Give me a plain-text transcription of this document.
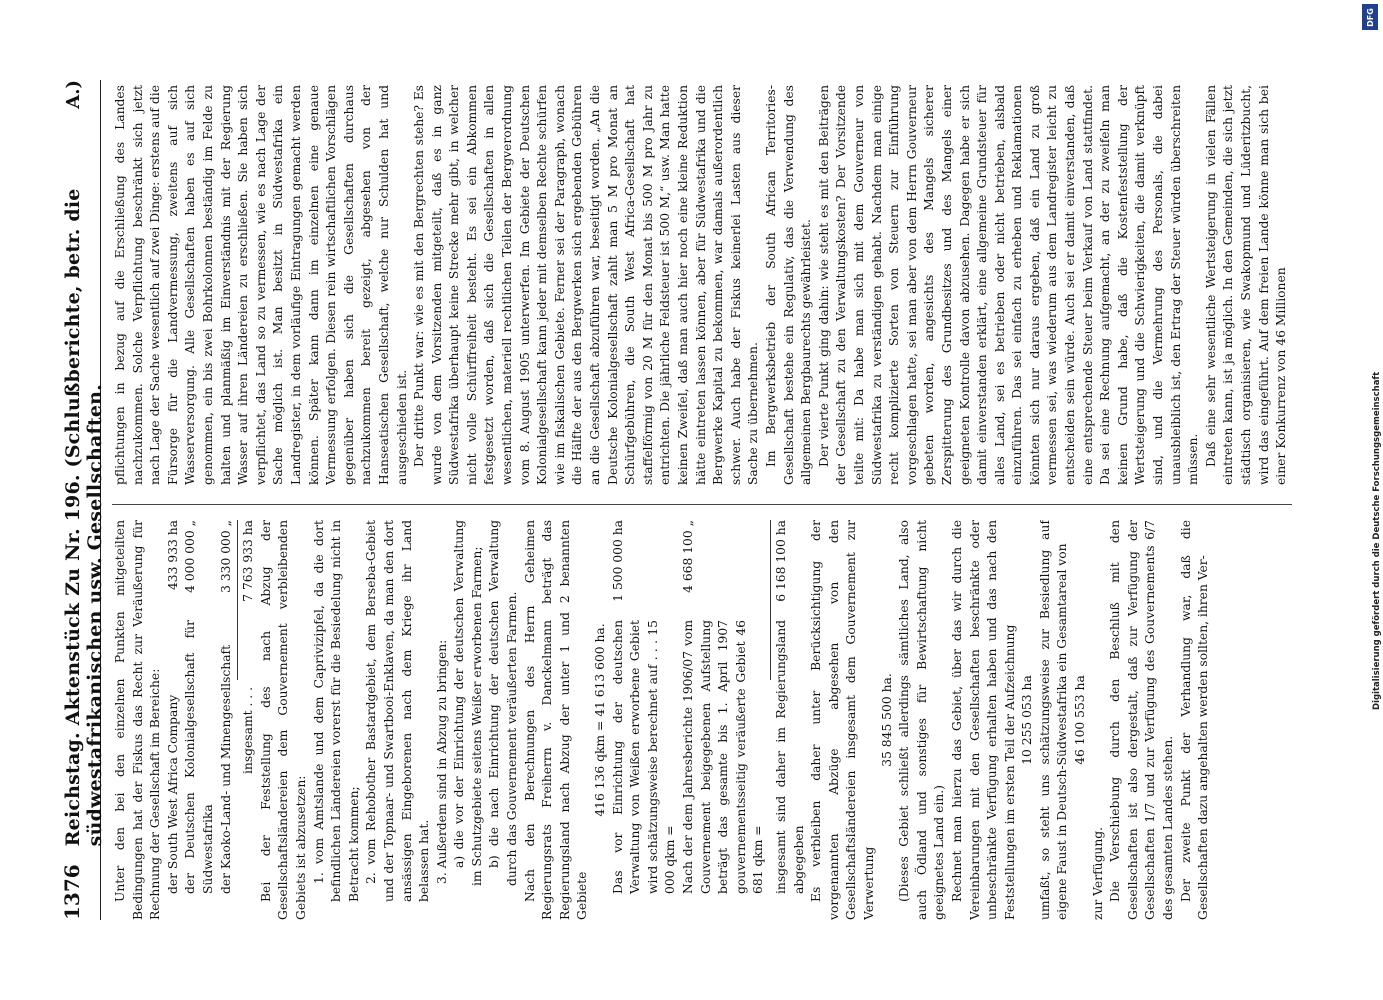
1376
Reichstag. Aktenstück Zu Nr. 196. (Schlußberichte, betr. die südwestafrikanischen usw. Gesellschaften.
A.)

Unter den bei den einzelnen Punkten mitgeteilten Bedingungen hat der Fiskus das Recht zur Veräußerung für Rechnung der Gesellschaft im Bereiche: der South West Africa Company
433 933 ha
der Deutschen Kolonialgesellschaft für Südwestafrika
4 000 000 „
der Kaoko-Land- und Minengesellschaft
3 330 000 „
insgesamt . . .
7 763 933 ha Bei der Feststellung des nach Abzug der Gesellschaftsländereien dem Gouvernement verbleibenden Gebiets ist abzusetzen: 1. vom Amtslande und dem Caprivizipfel, da die dort befindlichen Ländereien vorerst für die Besiedelung nicht in Betracht kommen; 2. vom Rehobother Bastardgebiet, dem Berseba-Gebiet und der Topnaar- und Swartbooi-Enklaven, da man den dort ansässigen Eingeborenen nach dem Kriege ihr Land belassen hat. 3. Außerdem sind in Abzug zu bringen: a) die vor der Einrichtung der deutschen Verwaltung im Schutzgebiete seitens Weißer erworbenen Farmen; b) die nach Einrichtung der deutschen Verwaltung durch das Gouvernement veräußerten Farmen. Nach den Berechnungen des Herrn Geheimen Regierungsrats Freiherrn v. Danckelmann beträgt das Regierungsland nach Abzug der unter 1 und 2 benannten Gebiete

416 136 qkm = 41 613 600 ha. Das vor Einrichtung der deutschen Verwaltung von Weißen erworbene Gebiet wird schätzungsweise berechnet auf . . . 15 000 qkm =
1 500 000 ha
Nach der dem Jahresberichte 1906/07 vom Gouvernement beigegebenen Aufstellung beträgt das gesamte bis 1. April 1907 gouvernementsseitig veräußerte Gebiet 46 681 qkm =
4 668 100 „
insgesamt sind daher im Regierungsland abgegeben
6 168 100 ha	Es verbleiben daher unter Berücksichtigung der vorgenannten Abzüge abgesehen von den Gesellschaftsländereien insgesamt dem Gouvernement zur Verwertung

35 845 500 ha. (Dieses Gebiet schließt allerdings sämtliches Land, also auch Ödland und sonstiges für Bewirtschaftung nicht geeignetes Land ein.) Rechnet man hierzu das Gebiet, über das wir durch die Vereinbarungen mit den Gesellschaften beschränkte oder unbeschränkte Verfügung erhalten haben und das nach den Feststellungen im ersten Teil der Aufzeichnung 10 255 053 ha umfaßt, so steht uns schätzungsweise zur Besiedlung auf eigene Faust in Deutsch-Südwestafrika ein Gesamtareal von 46 100 553 ha

zur Verfügung. Die Verschiebung durch den Beschluß mit den Gesellschaften ist also dergestalt, daß zur Verfügung der Gesellschaften 1/7 und zur Verfügung des Gouvernements 6/7 des gesamten Landes stehen. Der zweite Punkt der Verhandlung war, daß die Gesellschaften dazu angehalten werden sollten, ihren Ver-

pflichtungen in bezug auf die Erschließung des Landes nachzukommen. Solche Verpflichtung beschränkt sich jetzt nach Lage der Sache wesentlich auf zwei Dinge: erstens auf die Fürsorge für die Landvermessung, zweitens auf sich Wasserversorgung. Alle Gesellschaften haben es auf sich genommen, ein bis zwei Bohrkolonnen beständig im Felde zu halten und planmäßig im Einverständnis mit der Regierung Wasser auf ihren Ländereien zu erschließen. Sie haben sich verpflichtet, das Land so zu vermessen, wie es nach Lage der Sache möglich ist. Man besitzt in Südwestafrika ein Landregister, in dem vorläufige Eintragungen gemacht werden können. Später kann dann im einzelnen eine genaue Vermessung erfolgen. Diesen rein wirtschaftlichen Vorschlägen gegenüber haben sich die Gesellschaften durchaus nachzukommen bereit gezeigt, abgesehen von der Hanseatischen Gesellschaft, welche nur Schulden hat und ausgeschieden ist. Der dritte Punkt war: wie es mit den Bergrechten stehe? Es wurde von dem Vorsitzenden mitgeteilt, daß es in ganz Südwestafrika überhaupt keine Strecke mehr gibt, in welcher nicht volle Schürffreiheit besteht. Es sei ein Abkommen festgesetzt worden, daß sich die Gesellschaften in allen wesentlichen, materiell rechtlichen Teilen der Bergverordnung vom 8. August 1905 unterwerfen. Im Gebiete der Deutschen Kolonialgesellschaft kann jeder mit demselben Rechte schürfen wie im fiskalischen Gebiete. Ferner sei der Paragraph, wonach die Hälfte der aus den Bergwerken sich ergebenden Gebühren an die Gesellschaft abzuführen war, beseitigt worden. „An die Deutsche Kolonialgesellschaft zahlt man 5 M pro Monat an Schürfgebühren, die South West Africa-Gesellschaft hat staffelförmig von 20 M für den Monat bis 500 M pro Jahr zu entrichten. Die jährliche Feldsteuer ist 500 M,“ usw. Man hatte keinen Zweifel, daß man auch hier noch eine kleine Reduktion hätte eintreten lassen können, aber für Südwestafrika und die Bergwerke Kapital zu bekommen, war damals außerordentlich schwer. Auch habe der Fiskus keinerlei Lasten aus dieser Sache zu übernehmen. Im Bergwerksbetrieb der South African Territories-Gesellschaft bestehe ein Regulativ, das die Verwendung des allgemeinen Bergbaurechts gewährleistet. Der vierte Punkt ging dahin: wie steht es mit den Beiträgen der Gesellschaft zu den Verwaltungskosten? Der Vorsitzende teilte mit: Da habe man sich mit dem Gouverneur von Südwestafrika zu verständigen gehabt. Nachdem man einige recht komplizierte Sorten von Steuern zur Einführung vorgeschlagen hatte, sei man aber von dem Herrn Gouverneur gebeten worden, angesichts des Mangels sicherer Zerspitterung des Grundbesitzes und des Mangels einer geeigneten Kontrolle davon abzusehen. Dagegen habe er sich damit einverstanden erklärt, eine allgemeine Grundsteuer für alles Land, sei es betrieben oder nicht betrieben, alsbald einzuführen. Das sei einfach zu erheben und Reklamationen könnten sich nur daraus ergeben, daß ein Land zu groß vermessen sei, was wiederum aus dem Landregister leicht zu entscheiden sein würde. Auch sei er damit einverstanden, daß eine entsprechende Steuer beim Verkauf von Land stattfindet. Da sei eine Rechnung aufgemacht, an der zu zweifeln man keinen Grund habe, daß die Kostenfeststellung der Wertsteigerung und die Schwierigkeiten, die damit verknüpft sind, und die Vermehrung des Personals, die dabei unausbleiblich ist, den Ertrag der Steuer würden überschreiten müssen. Daß eine sehr wesentliche Wertsteigerung in vielen Fällen eintreten kann, ist ja möglich. In den Gemeinden, die sich jetzt städtisch organisieren, wie Swakopmund und Lüderitzbucht, wird das eingeführt. Auf dem freien Lande könne man sich bei einer Konkurrenz von 46 Millionen

DFG
Digitalisierung gefördert durch die Deutsche Forschungsgemeinschaft
